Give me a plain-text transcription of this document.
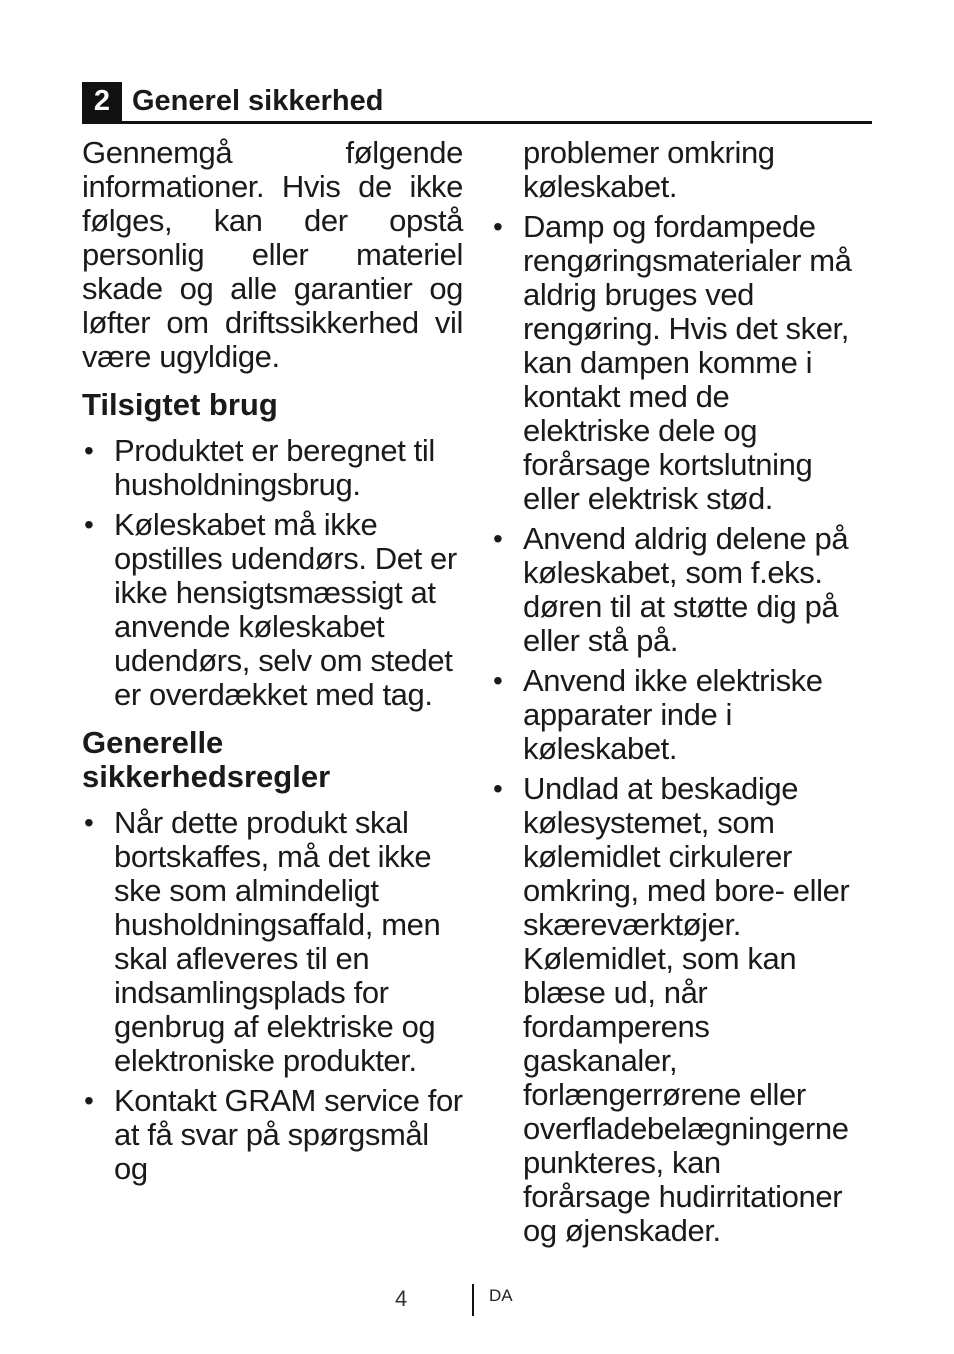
2 Generel sikkerhed

Gennemgå følgende informationer. Hvis de ikke følges, kan der opstå personlig eller materiel skade og alle garantier og løfter om driftssikkerhed vil være ugyldige.

Tilsigtet brug
• Produktet er beregnet til husholdningsbrug.
• Køleskabet må ikke opstilles udendørs. Det er ikke hensigtsmæssigt at anvende køleskabet udendørs, selv om stedet er overdækket med tag.
Generelle sikkerhedsregler
• Når dette produkt skal bortskaffes, må det ikke ske som almindeligt husholdningsaffald, men skal afleveres til en indsamlingsplads for genbrug af elektriske og elektroniske produkter.
• Kontakt GRAM service for at få svar på spørgsmål og

problemer omkring køleskabet.

• Damp og fordampede rengøringsmaterialer må aldrig bruges ved rengøring. Hvis det sker, kan dampen komme i kontakt med de elektriske dele og forårsage kortslutning eller elektrisk stød.
• Anvend aldrig delene på køleskabet, som f.eks. døren til at støtte dig på eller stå på.
• Anvend ikke elektriske apparater inde i køleskabet.
• Undlad at beskadige kølesystemet, som kølemidlet cirkulerer omkring, med bore- eller skæreværktøjer. Kølemidlet, som kan blæse ud, når fordamperens gaskanaler, forlængerrørene eller overfladebelægningerne punkteres, kan forårsage hudirritationer og øjenskader.
4	DA
